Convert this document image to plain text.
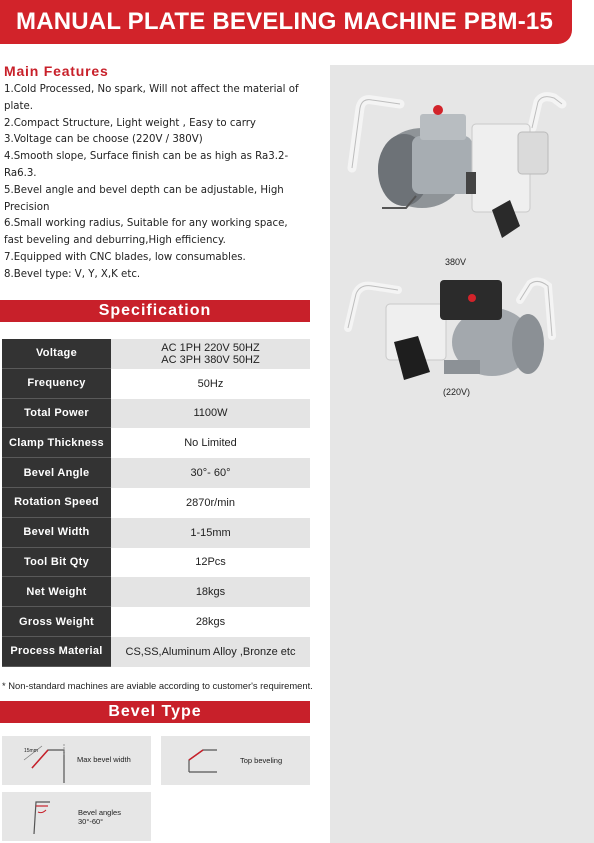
MANUAL PLATE BEVELING MACHINE PBM-15
Main Features
1.Cold Processed, No spark, Will not affect the material of
plate.
2.Compact Structure, Light weight , Easy to carry
3.Voltage can be choose (220V / 380V)
4.Smooth slope, Surface finish can be as high as Ra3.2-
Ra6.3.
5.Bevel angle and bevel depth can be adjustable, High
Precision
6.Small working radius, Suitable for any working space,
fast beveling and deburring,High efficiency.
7.Equipped with CNC blades, low consumables.
8.Bevel type: V, Y, X,K etc.
Specification
Voltage	AC 1PH 220V 50HZ
AC 3PH 380V 50HZ
Frequency	50Hz
Total Power	1100W
Clamp Thickness	No Limited
Bevel Angle	30°- 60°
Rotation Speed	2870r/min
Bevel Width	1-15mm
Tool Bit Qty	12Pcs
Net Weight	18kgs
Gross Weight	28kgs
Process Material	CS,SS,Aluminum Alloy ,Bronze etc
* Non-standard machines are aviable according to customer's requirement.
Bevel Type
15mm
Max bevel width	Top beveling
Bevel angles
30°-60°
380V
(220V)
